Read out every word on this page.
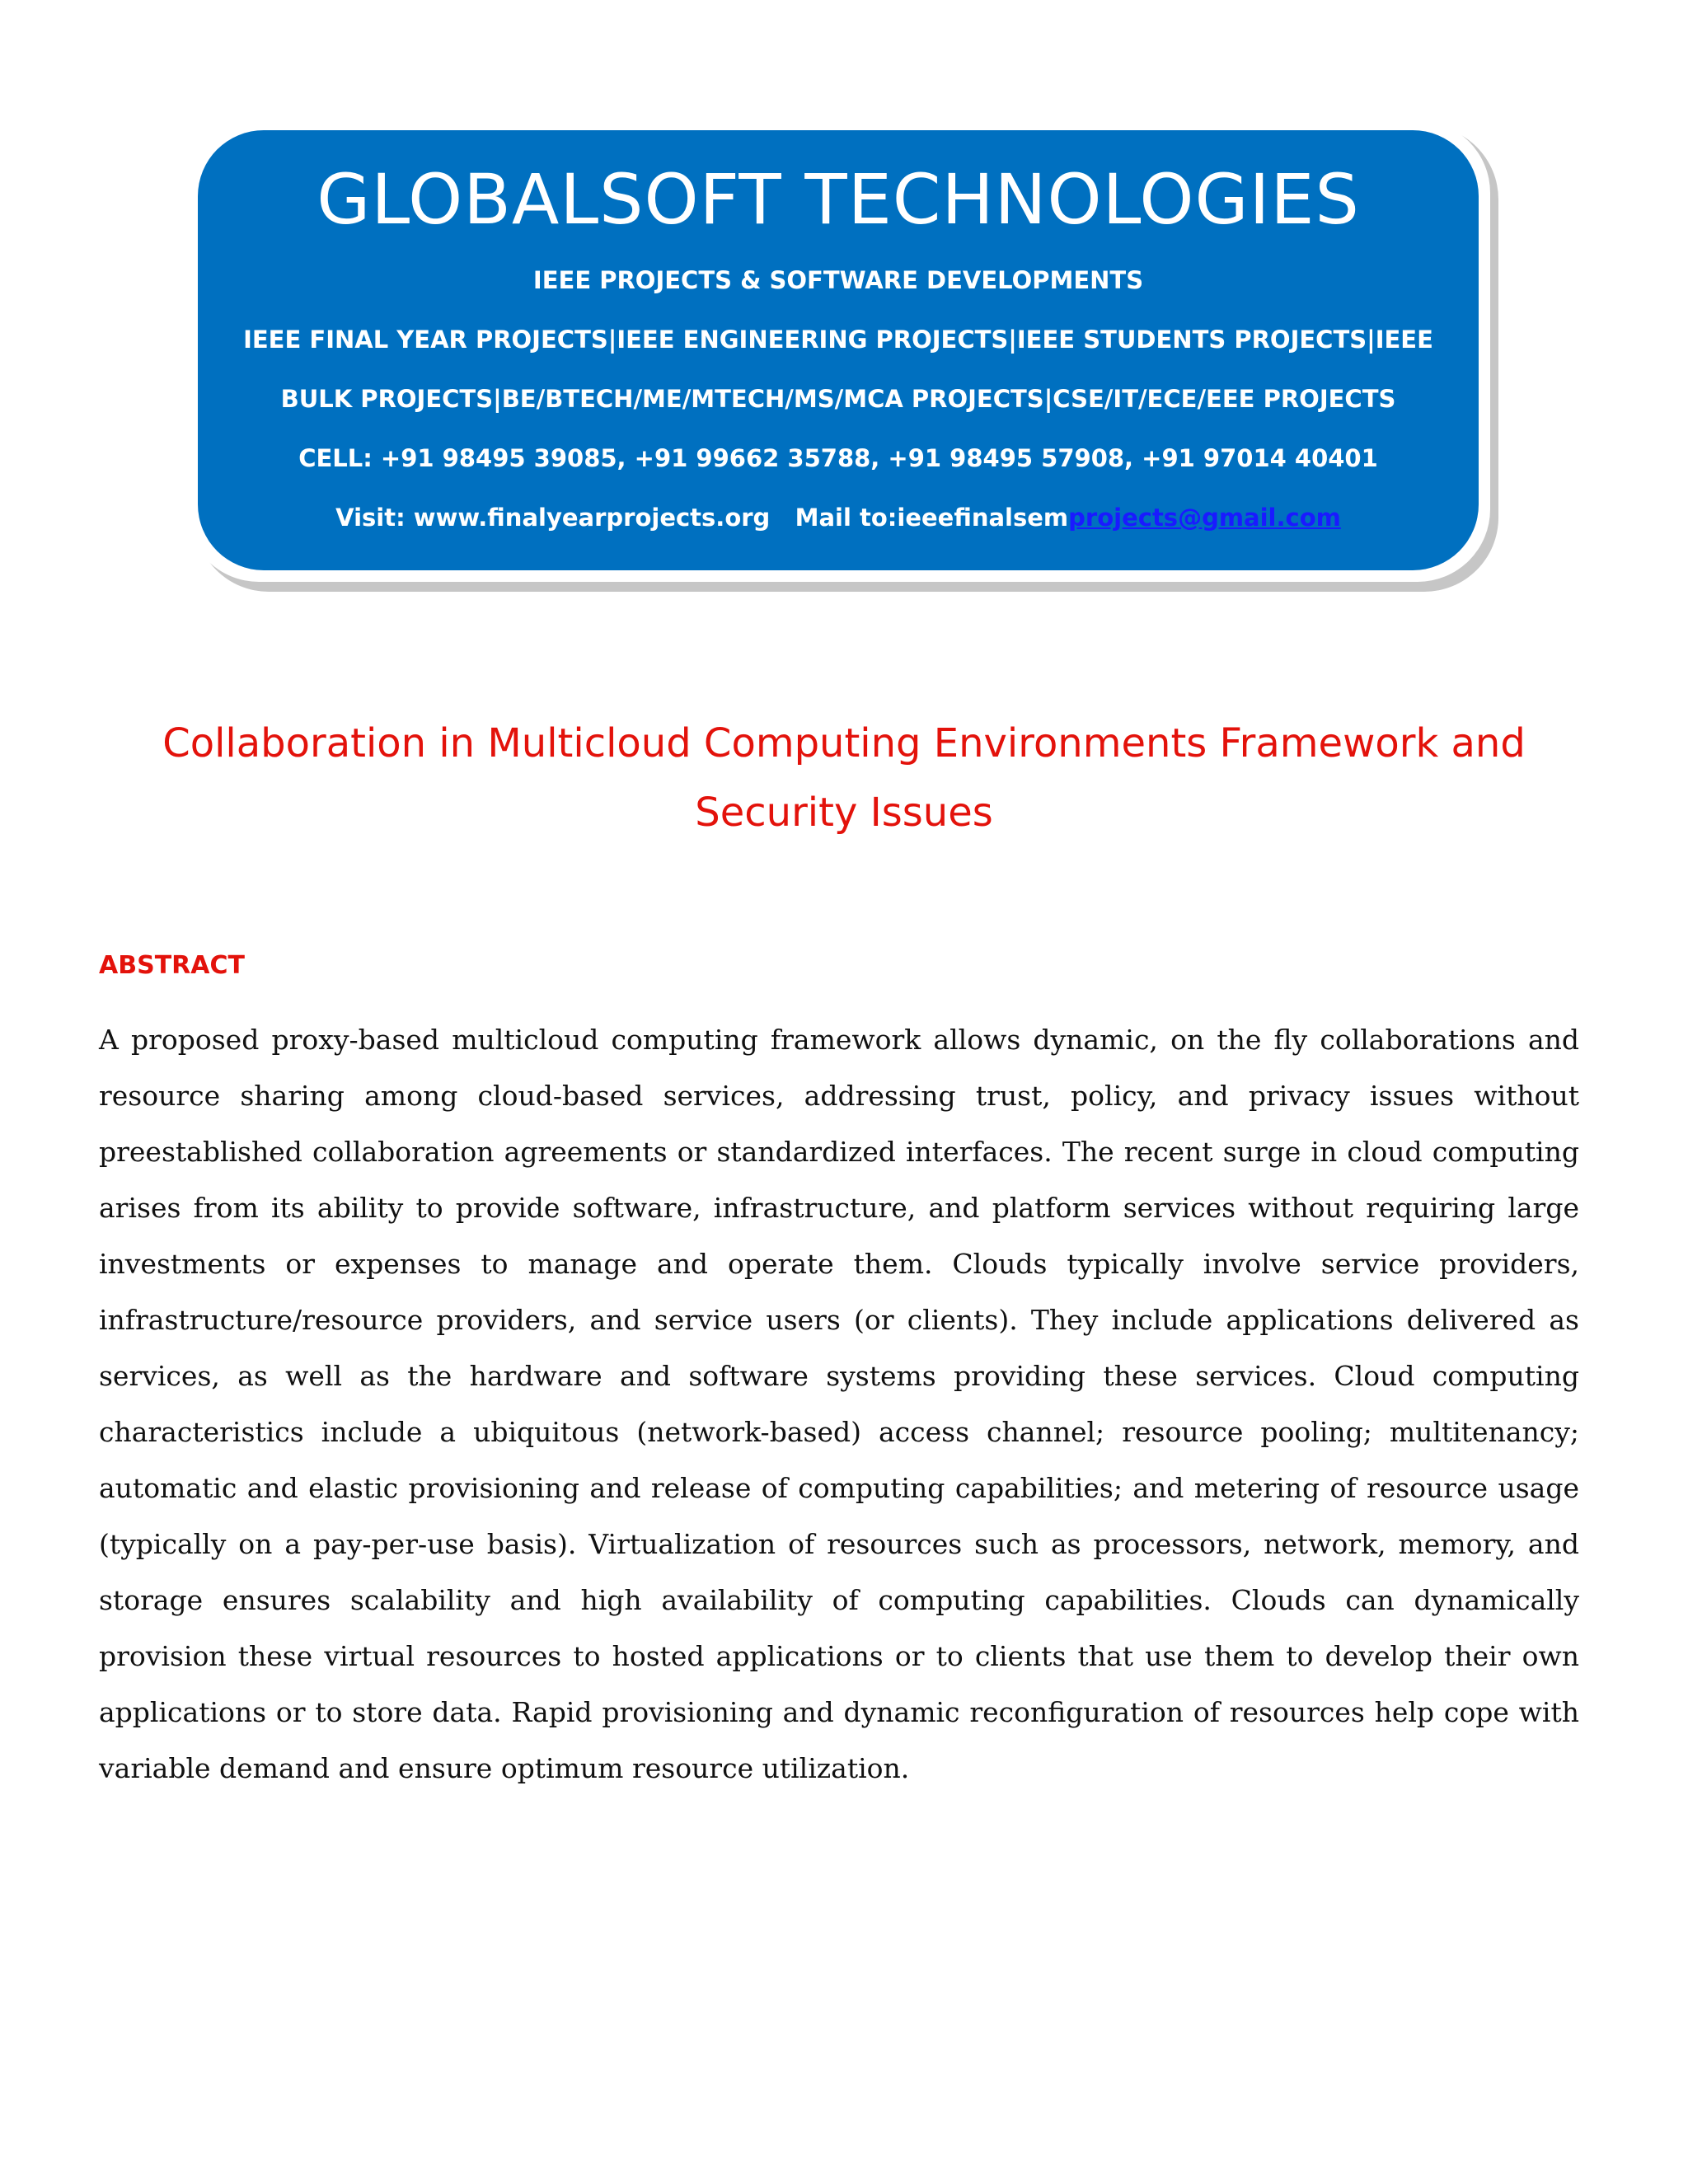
GLOBALSOFT TECHNOLOGIES
IEEE PROJECTS & SOFTWARE DEVELOPMENTS
IEEE FINAL YEAR PROJECTS|IEEE ENGINEERING PROJECTS|IEEE STUDENTS PROJECTS|IEEE
BULK PROJECTS|BE/BTECH/ME/MTECH/MS/MCA PROJECTS|CSE/IT/ECE/EEE PROJECTS
CELL: +91 98495 39085, +91 99662 35788, +91 98495 57908, +91 97014 40401
Visit: www.finalyearprojects.org Mail to:ieeefinalsemprojects@gmail.com
Collaboration in Multicloud Computing Environments Framework and Security Issues
ABSTRACT

A proposed proxy-based multicloud computing framework allows dynamic, on the fly collaborations and resource sharing among cloud-based services, addressing trust, policy, and privacy issues without preestablished collaboration agreements or standardized interfaces. The recent surge in cloud computing arises from its ability to provide software, infrastructure, and platform services without requiring large investments or expenses to manage and operate them. Clouds typically involve service providers, infrastructure/resource providers, and service users (or clients). They include applications delivered as services, as well as the hardware and software systems providing these services. Cloud computing characteristics include a ubiquitous (network-based) access channel; resource pooling; multitenancy; automatic and elastic provisioning and release of computing capabilities; and metering of resource usage (typically on a pay-per-use basis). Virtualization of resources such as processors, network, memory, and storage ensures scalability and high availability of computing capabilities. Clouds can dynamically provision these virtual resources to hosted applications or to clients that use them to develop their own applications or to store data. Rapid provisioning and dynamic reconfiguration of resources help cope with variable demand and ensure optimum resource utilization.
